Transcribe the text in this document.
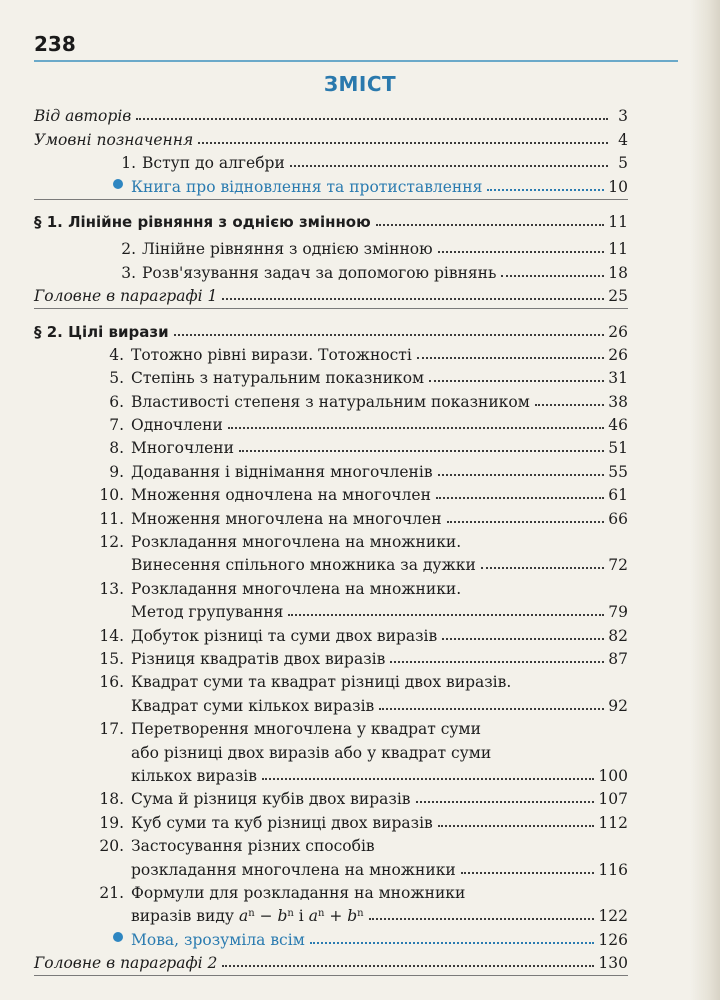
238
ЗМІСТ
Від авторів	3
Умовні позначення	4
1. Вступ до алгебри	5
Книга про відновлення та протиставлення	10
§ 1. Лінійне рівняння з однією змінною	11
2. Лінійне рівняння з однією змінною	11
3. Розв'язування задач за допомогою рівнянь	18
Головне в параграфі 1	25
§ 2. Цілі вирази	26
4. Тотожно рівні вирази. Тотожності	26
5. Степінь з натуральним показником	31
6. Властивості степеня з натуральним показником	38
7. Одночлени	46
8. Многочлени	51
9. Додавання і віднімання многочленів	55
10. Множення одночлена на многочлен	61
11. Множення многочлена на многочлен	66
12. Розкладання многочлена на множники.
Винесення спільного множника за дужки	72
13. Розкладання многочлена на множники.
Метод групування	79
14. Добуток різниці та суми двох виразів	82
15. Різниця квадратів двох виразів	87
16. Квадрат суми та квадрат різниці двох виразів.
Квадрат суми кількох виразів	92
17. Перетворення многочлена у квадрат суми
або різниці двох виразів або у квадрат суми
кількох виразів	100
18. Сума й різниця кубів двох виразів	107
19. Куб суми та куб різниці двох виразів	112
20. Застосування різних способів
розкладання многочлена на множники	116
21. Формули для розкладання на множники
виразів виду $a^n - b^n$ і $a^n + b^n$	122
Мова, зрозуміла всім	126
Головне в параграфі 2	130
